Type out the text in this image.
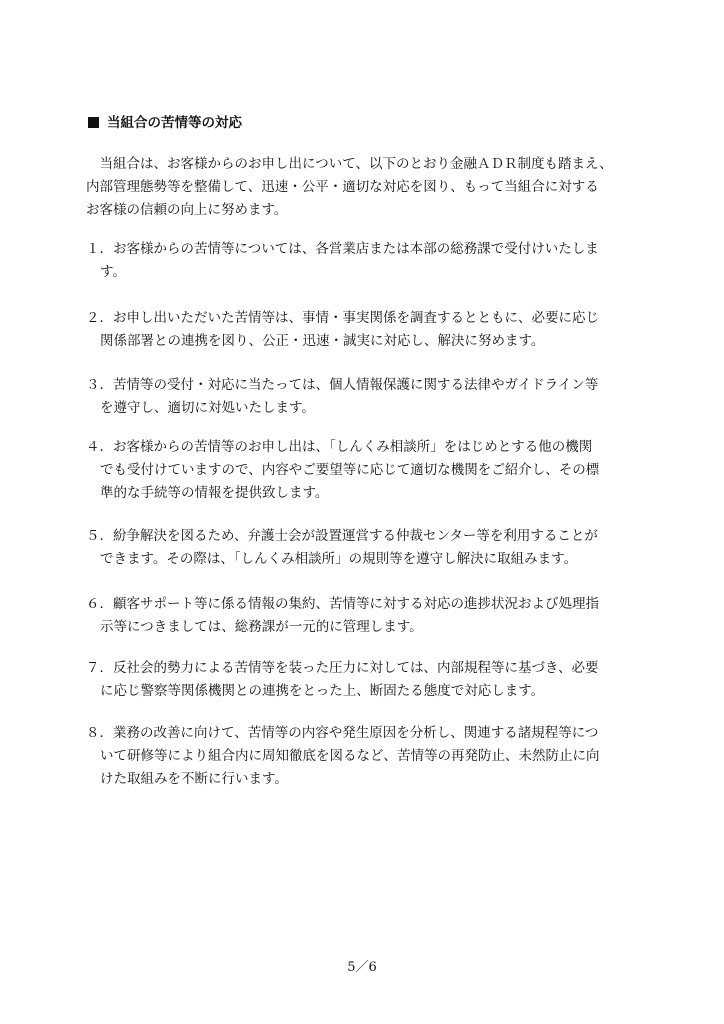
当組合の苦情等の対応
　当組合は、お客様からのお申し出について、以下のとおり金融ＡＤＲ制度も踏まえ、
内部管理態勢等を整備して、迅速・公平・適切な対応を図り、もって当組合に対する
お客様の信頼の向上に努めます。
１．お客様からの苦情等については、各営業店または本部の総務課で受付けいたしま
す。
２．お申し出いただいた苦情等は、事情・事実関係を調査するとともに、必要に応じ
関係部署との連携を図り、公正・迅速・誠実に対応し、解決に努めます。
３．苦情等の受付・対応に当たっては、個人情報保護に関する法律やガイドライン等
を遵守し、適切に対処いたします。
４．お客様からの苦情等のお申し出は、「しんくみ相談所」をはじめとする他の機関
でも受付けていますので、内容やご要望等に応じて適切な機関をご紹介し、その標
準的な手続等の情報を提供致します。
５．紛争解決を図るため、弁護士会が設置運営する仲裁センター等を利用することが
できます。その際は、「しんくみ相談所」の規則等を遵守し解決に取組みます。
６．顧客サポート等に係る情報の集約、苦情等に対する対応の進捗状況および処理指
示等につきましては、総務課が一元的に管理します。
７．反社会的勢力による苦情等を装った圧力に対しては、内部規程等に基づき、必要
に応じ警察等関係機関との連携をとった上、断固たる態度で対応します。
８．業務の改善に向けて、苦情等の内容や発生原因を分析し、関連する諸規程等につ
いて研修等により組合内に周知徹底を図るなど、苦情等の再発防止、未然防止に向
けた取組みを不断に行います。
5／6
